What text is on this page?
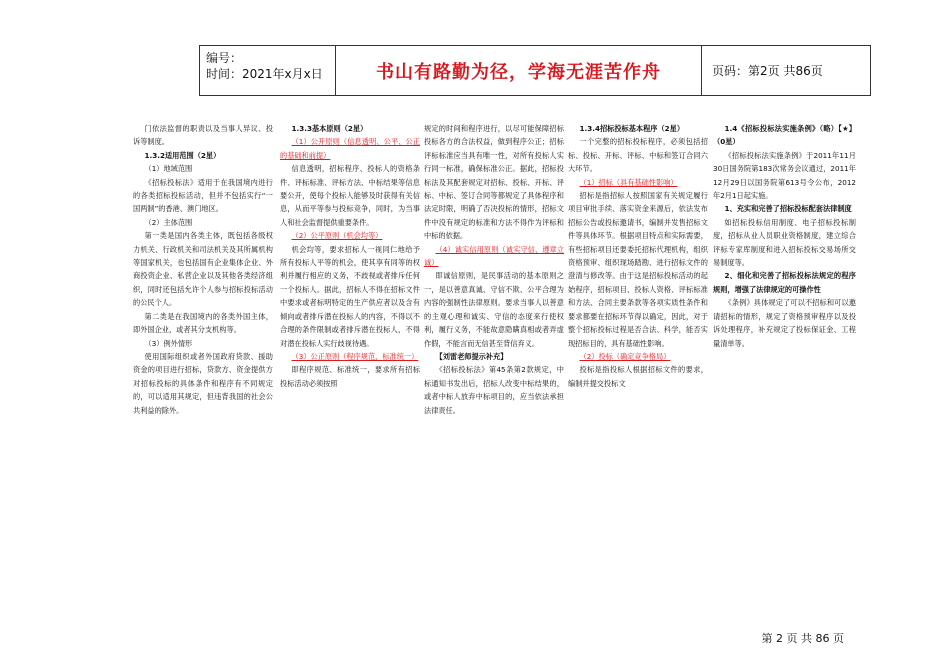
编号：
时间：2021年x月x日	书山有路勤为径，学海无涯苦作舟	页码：第2页 共86页

门依法监督的职责以及当事人异议、投诉等制度。

1.3.2适用范围（2星）

（1）地域范围

《招标投标法》适用于在我国境内进行的各类招标投标活动，但并不包括实行“一国两制”的香港、澳门地区。

（2）主体范围

第一类是国内各类主体，既包括各级权力机关、行政机关和司法机关及其所属机构等国家机关，也包括国有企业集体企业、外商投资企业、私营企业以及其他各类经济组织，同时还包括允许个人参与招标投标活动的公民个人。

第二类是在我国境内的各类外国主体，即外国企业，或者其分支机构等。

（3）例外情形

使用国际组织或者外国政府贷款、援助资金的项目进行招标，贷款方、资金提供方对招标投标的具体条件和程序有不同规定的，可以适用其规定，但违背我国的社会公共利益的除外。

1.3.3基本原则（2星）

（1）公开原则（信息透明、公平、公正的基础和前提）

信息透明，招标程序、投标人的资格条件、评标标准、评标方法、中标结果等信息要公开，使每个投标人能够及时获得有关信息，从而平等参与投标竞争，同时，为当事人和社会监督提供重要条件。

（2）公平原则（机会均等）

机会均等，要求招标人一视同仁地给予所有投标人平等的机会，使其享有同等的权利并履行相应的义务，不歧视或者排斥任何一个投标人。据此，招标人不得在招标文件中要求或者标明特定的生产供应者以及含有倾向或者排斥潜在投标人的内容，不得以不合理的条件限制或者排斥潜在投标人，不得对潜在投标人实行歧视待遇。

（3）公正原则（程序规范，标准统一）

即程序规范、标准统一，要求所有招标投标活动必须按照

规定的时间和程序进行，以尽可能保障招标投标各方的合法权益，做到程序公正；招标评标标准应当具有唯一性，对所有投标人实行同一标准，确保标准公正。据此，招标投标法及其配套规定对招标、投标、开标、评标、中标、签订合同等都规定了具体程序和法定时限，明确了否决投标的情形，招标文件中没有规定的标准和方法不得作为评标和中标的依据。

（4）诚实信用原则（诚实守信，遵章立诚）

即诚信原则，是民事活动的基本原则之一，是以善意真诚、守信不欺、公平合理为内容的强制性法律原则。要求当事人以善意的主观心理和诚实、守信的态度来行使权利，履行义务，不能故意隐瞒真相或者弄虚作假，不能言而无信甚至背信弃义。

【刘雷老师提示补充】

《招标投标法》第45条第2款规定，中标通知书发出后，招标人改变中标结果的，或者中标人放弃中标项目的，应当依法承担法律责任。

1.3.4招标投标基本程序（2星）

一个完整的招标投标程序，必须包括招标、投标、开标、评标、中标和签订合同六大环节。

（1）招标（具有基础性影响）

招标是指招标人按照国家有关规定履行项目审批手续、落实资金来源后，依法发布招标公告或投标邀请书，编制并发售招标文件等具体环节。根据项目特点和实际需要，有些招标项目还要委托招标代理机构，组织资格预审、组织现场踏勘、进行招标文件的澄清与修改等。由于这是招标投标活动的起始程序，招标项目、投标人资格、评标标准和方法、合同主要条款等各项实质性条件和要求都要在招标环节得以确定，因此，对于整个招标投标过程是否合法、科学，能否实现招标目的，具有基础性影响。

（2）投标（确定竞争格局）

投标是指投标人根据招标文件的要求，编制并提交投标文

1.4《招标投标法实施条例》（略）【★】（0星）

《招标投标法实施条例》于2011年11月30日国务院第183次常务会议通过，2011年12月29日以国务院第613号令公布，2012年2月1日起实施。

1、充实和完善了招标投标配套法律制度

如招标投标信用制度、电子招标投标制度，招标从业人员职业资格制度，建立综合评标专家库制度和进入招标投标交易场所交易制度等。

2、细化和完善了招标投标法规定的程序规则，增强了法律规定的可操作性

《条例》具体规定了可以不招标和可以邀请招标的情形，规定了资格预审程序以及投诉处理程序，补充规定了投标保证金、工程量清单等。

第 2 页 共 86 页
